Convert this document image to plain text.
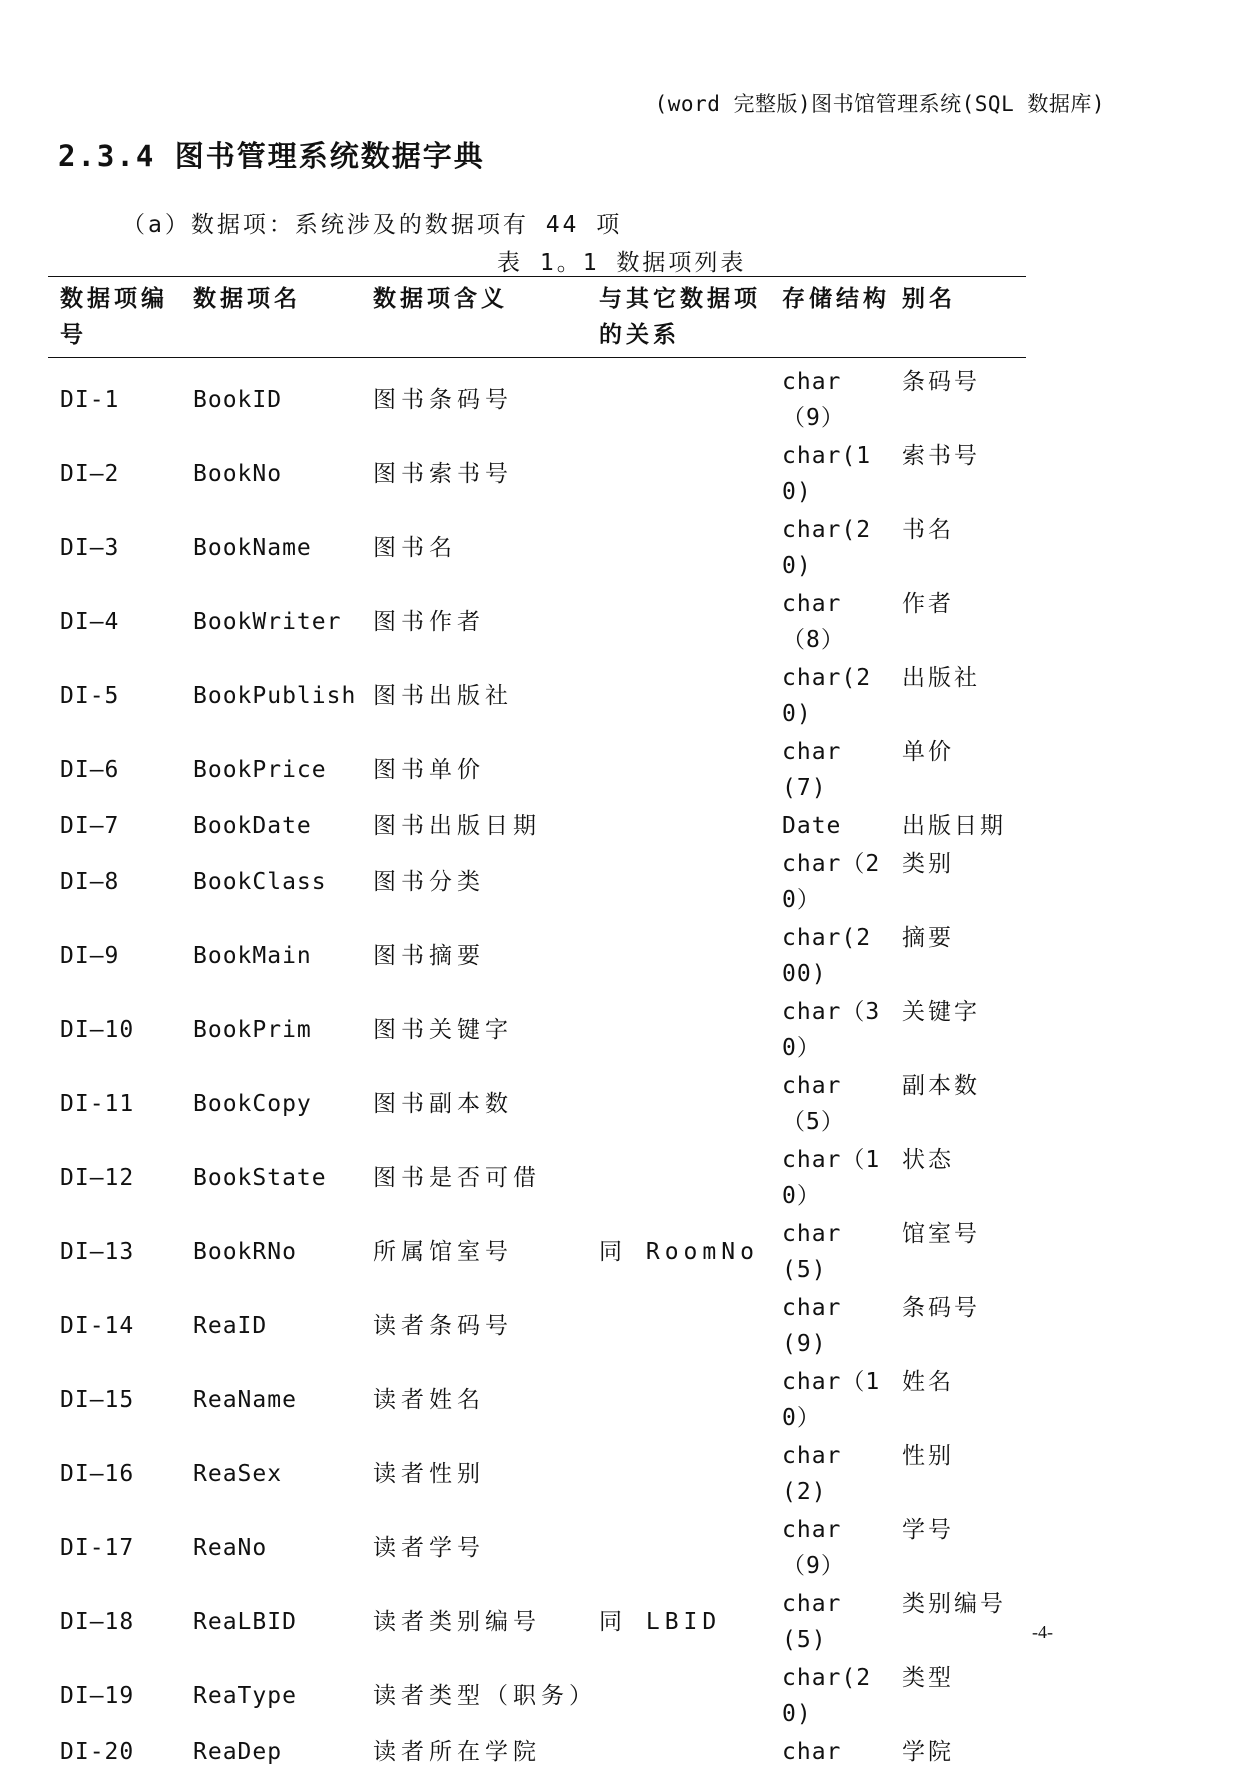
(word 完整版)图书馆管理系统(SQL 数据库)
2.3.4 图书管理系统数据字典
（a）数据项：系统涉及的数据项有 44 项
表 1。1 数据项列表
数据项编号	数据项名	数据项含义	与其它数据项的关系	存储结构	别名
DI-1	BookID	图书条码号		char（9）	条码号
DI—2	BookNo	图书索书号		char(10)	索书号
DI—3	BookName	图书名		char(20)	书名
DI—4	BookWriter	图书作者		char（8）	作者
DI-5	BookPublish	图书出版社		char(20)	出版社
DI—6	BookPrice	图书单价		char(7)	单价
DI—7	BookDate	图书出版日期		Date	出版日期
DI—8	BookClass	图书分类		char（20）	类别
DI—9	BookMain	图书摘要		char(200)	摘要
DI—10	BookPrim	图书关键字		char（30）	关键字
DI-11	BookCopy	图书副本数		char（5）	副本数
DI—12	BookState	图书是否可借		char（10）	状态
DI—13	BookRNo	所属馆室号	同 RoomNo	char(5)	馆室号
DI-14	ReaID	读者条码号		char(9)	条码号
DI—15	ReaName	读者姓名		char（10）	姓名
DI—16	ReaSex	读者性别		char(2)	性别
DI-17	ReaNo	读者学号		char（9）	学号
DI—18	ReaLBID	读者类别编号	同 LBID	char(5)	类别编号
DI—19	ReaType	读者类型（职务）		char(20)	类型
DI-20	ReaDep	读者所在学院		char	学院
-4-
